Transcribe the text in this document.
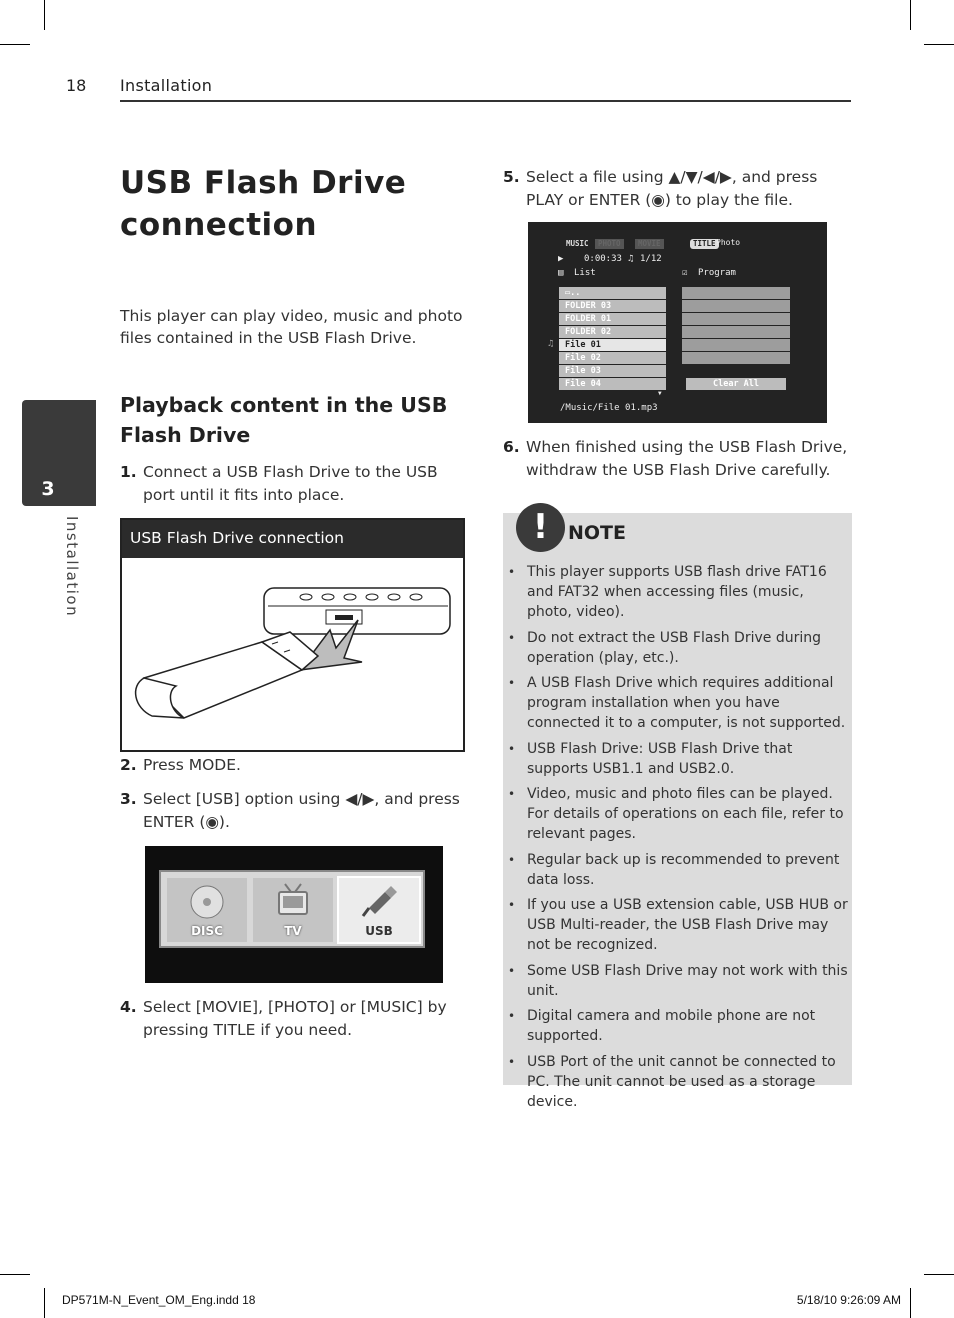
18 Installation
3
Installation
USB Flash Drive connection

This player can play video, music and photo files contained in the USB Flash Drive.

Playback content in the USB Flash Drive
1. Connect a USB Flash Drive to the USB port until it fits into place.
USB Flash Drive connection
2. Press MODE.
3. Select [USB] option using ◀/▶, and press ENTER (◉).
DISC	TV	USB
4. Select [MOVIE], [PHOTO] or [MUSIC] by pressing TITLE if you need.
5. Select a file using ▲/▼/◀/▶, and press PLAY or ENTER (◉) to play the file.
MUSIC	PHOTO	MOVIE	TITLE Photo
▶ 0:00:33 ♫ 1/12
▤ List	☑ Program
▭..
FOLDER 03
FOLDER 01
FOLDER 02
File 01
File 02
File 03
File 04
♫
▼
Clear All
/Music/File 01.mp3
6. When finished using the USB Flash Drive, withdraw the USB Flash Drive carefully.
!	NOTE
• This player supports USB flash drive FAT16 and FAT32 when accessing files (music, photo, video).
• Do not extract the USB Flash Drive during operation (play, etc.).
• A USB Flash Drive which requires additional program installation when you have connected it to a computer, is not supported.
• USB Flash Drive: USB Flash Drive that supports USB1.1 and USB2.0.
• Video, music and photo files can be played. For details of operations on each file, refer to relevant pages.
• Regular back up is recommended to prevent data loss.
• If you use a USB extension cable, USB HUB or USB Multi-reader, the USB Flash Drive may not be recognized.
• Some USB Flash Drive may not work with this unit.
• Digital camera and mobile phone are not supported.
• USB Port of the unit cannot be connected to PC. The unit cannot be used as a storage device.
DP571M-N_Event_OM_Eng.indd 18	5/18/10 9:26:09 AM
